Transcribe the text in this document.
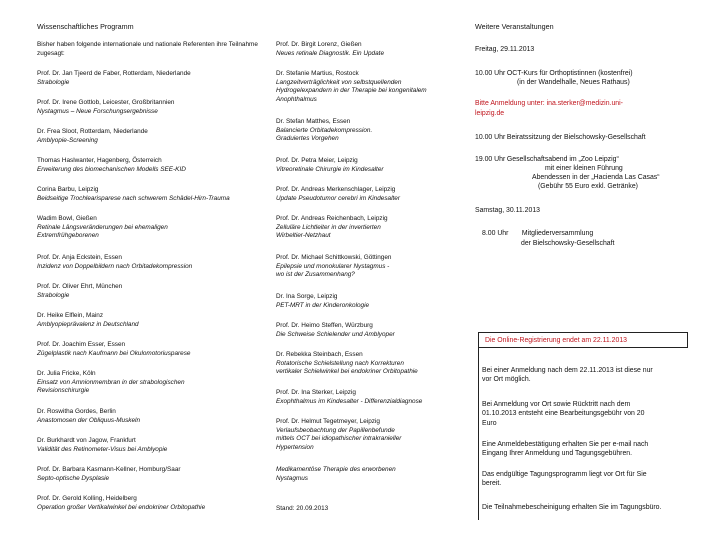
Wissenschaftliches Programm
Bisher haben folgende internationale und nationale Referenten ihre Teilnahme zugesagt:
Prof. Dr. Jan Tjeerd de Faber, Rotterdam, Niederlande
Strabologie
Prof. Dr. Irene Gottlob, Leicester, Großbritannien
Nystagmus – Neue Forschungsergebnisse
Dr. Frea Sloot, Rotterdam, Niederlande
Amblyopie-Screening
Thomas Haslwanter, Hagenberg, Österreich
Erweiterung des biomechanischen Modells SEE-KID
Corina Barbu, Leipzig
Beidseitige Trochlearisparese nach schwerem Schädel-Hirn-Trauma
Wadim Bowl, Gießen
Retinale Längsveränderungen bei ehemaligen
Extremfrühgeborenen
Prof. Dr. Anja Eckstein, Essen
Inzidenz von Doppelbildern nach Orbitadekompression
Prof. Dr. Oliver Ehrt, München
Strabologie
Dr. Heike Elflein, Mainz
Amblyopieprävalenz in Deutschland
Prof. Dr. Joachim Esser, Essen
Zügelplastik nach Kaufmann bei Okulomotoriusparese
Dr. Julia Fricke, Köln
Einsatz von Amnionmembran in der strabologischen
Revisionschirurgie
Dr. Roswitha Gordes, Berlin
Anastomosen der Obliquus-Muskeln
Dr. Burkhardt von Jagow, Frankfurt
Validität des Retinometer-Visus bei Amblyopie
Prof. Dr. Barbara Kasmann-Kellner, Homburg/Saar
Septo-optische Dysplasie
Prof. Dr. Gerold Kolling, Heidelberg
Operation großer Vertikalwinkel bei endokriner Orbitopathie
Prof. Dr. Birgit Lorenz, Gießen
Neues retinale Diagnostik. Ein Update
Dr. Stefanie Martius, Rostock
Langzeitverträglichkeit von selbstquellenden
Hydrogelexpandern in der Therapie bei kongenitalem
Anophthalmus
Dr. Stefan Matthes, Essen
Balancierte Orbitadekompression.
Graduiertes Vorgehen
Prof. Dr. Petra Meier, Leipzig
Vitreoretinale Chirurgie im Kindesalter
Prof. Dr. Andreas Merkenschlager, Leipzig
Update Pseudotumor cerebri im Kindesalter
Prof. Dr. Andreas Reichenbach, Leipzig
Zelluläre Lichtleiter in der invertierten
Wirbeltier-Netzhaut
Prof. Dr. Michael Schittkowski, Göttingen
Epilepsie und monokularer Nystagmus -
wo ist der Zusammenhang?
Dr. Ina Sorge, Leipzig
PET-MRT in der Kinderonkologie
Prof. Dr. Heimo Steffen, Würzburg
Die Schweise Schielender und Amblyoper
Dr. Rebekka Steinbach, Essen
Rotatorische Schielstellung nach Korrekturen
vertikaler Schielwinkel bei endokriner Orbitopathie
Prof. Dr. Ina Sterker, Leipzig
Exophthalmus im Kindesalter - Differenzialdiagnose
Prof. Dr. Helmut Tegetmeyer, Leipzig
Verlaufsbeobachtung der Papillenbefunde
mittels OCT bei idiopathischer intrakranieller
Hypertension
Medikamentöse Therapie des erworbenen
Nystagmus
Stand: 20.09.2013
Weitere Veranstaltungen
Freitag, 29.11.2013
10.00 Uhr OCT-Kurs für Orthoptistinnen (kostenfrei)
(in der Wandelhalle, Neues Rathaus)
Bitte Anmeldung unter: ina.sterker@medizin.uni-
leipzig.de
10.00 Uhr Beiratssitzung der Bielschowsky-Gesellschaft
19.00 Uhr Gesellschaftsabend im „Zoo Leipzig“
mit einer kleinen Führung
Abendessen in der „Hacienda Las Casas“
(Gebühr 55 Euro exkl. Getränke)
Samstag, 30.11.2013
8.00 Uhr Mitgliederversammlung
der Bielschowsky-Gesellschaft
Die Online-Registrierung endet am 22.11.2013
Bei einer Anmeldung nach dem 22.11.2013 ist diese nur
vor Ort möglich.
Bei Anmeldung vor Ort sowie Rücktritt nach dem
01.10.2013 entsteht eine Bearbeitungsgebühr von 20
Euro
Eine Anmeldebestätigung erhalten Sie per e-mail nach
Eingang Ihrer Anmeldung und Tagungsgebühren.
Das endgültige Tagungsprogramm liegt vor Ort für Sie
bereit.
Die Teilnahmebescheinigung erhalten Sie im Tagungsbüro.
